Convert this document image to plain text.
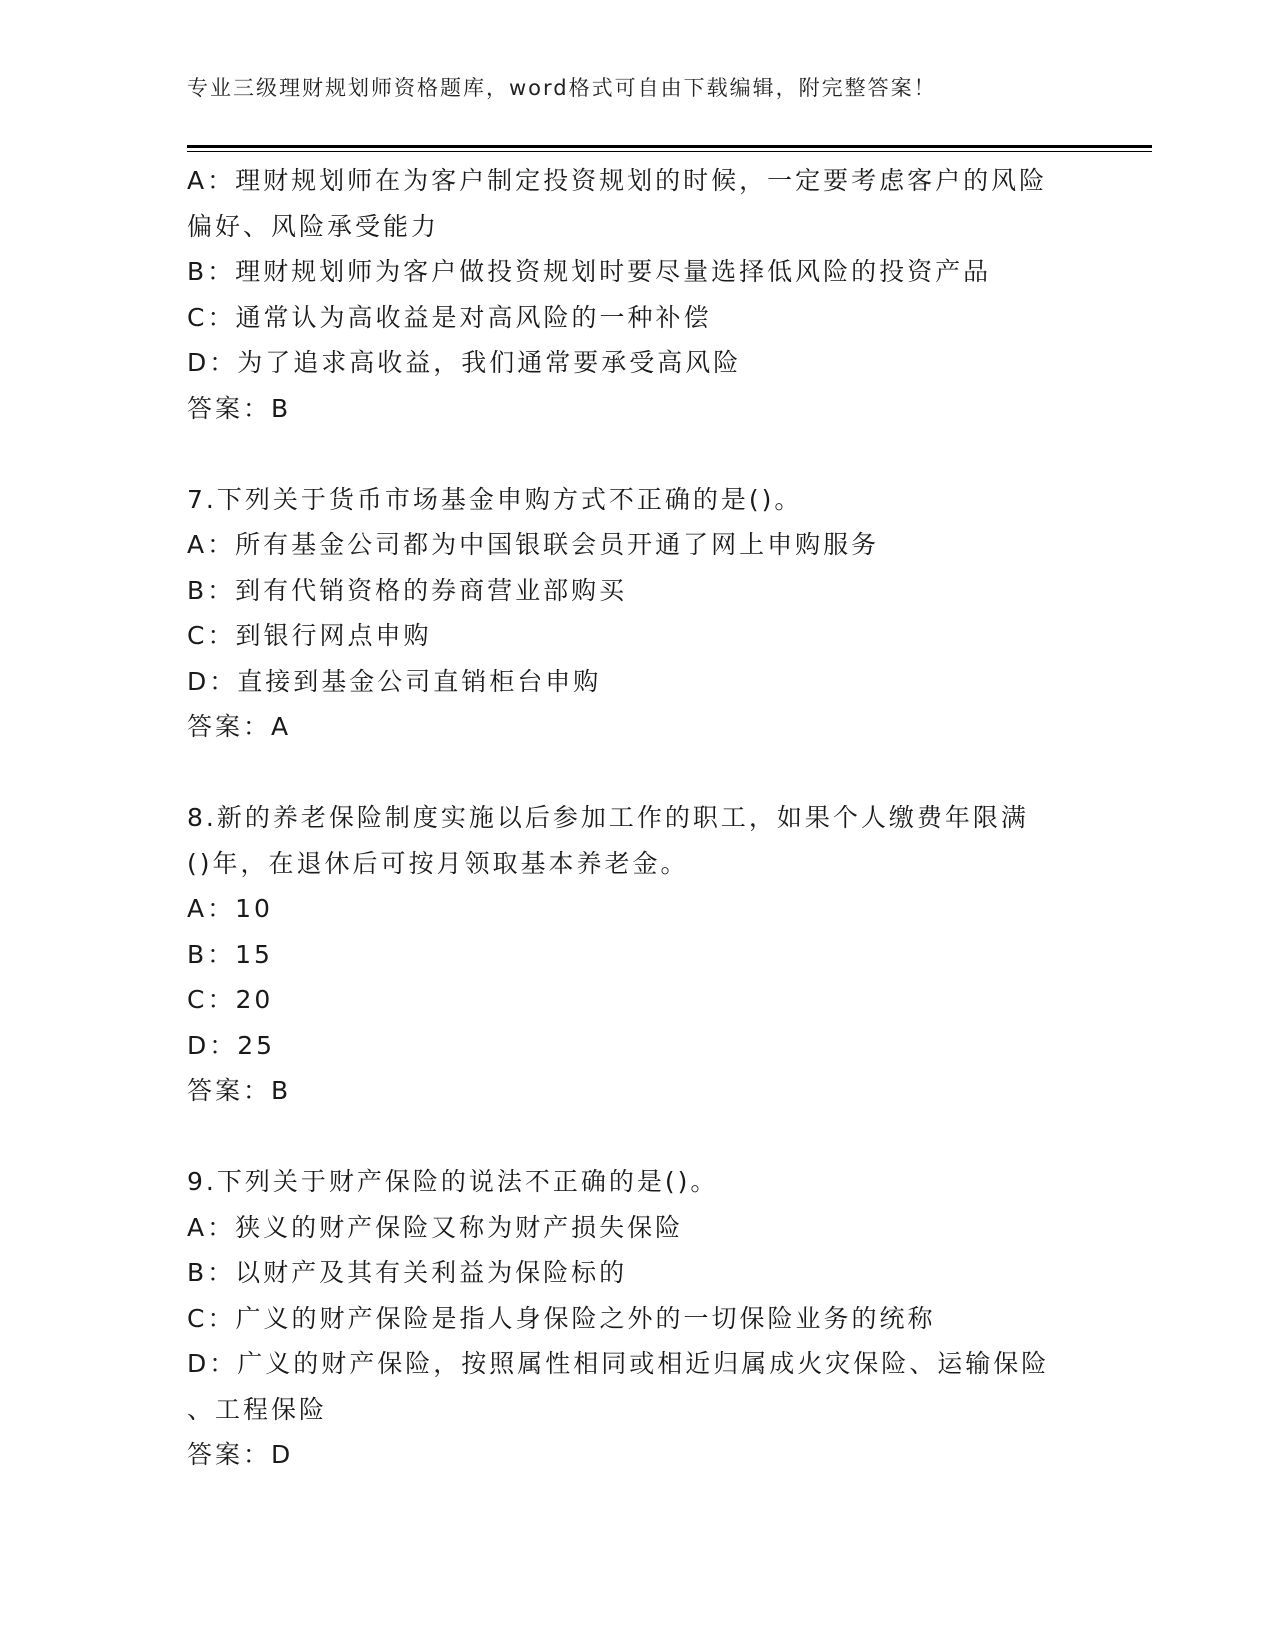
专业三级理财规划师资格题库，word格式可自由下载编辑，附完整答案！
A：理财规划师在为客户制定投资规划的时候，一定要考虑客户的风险
偏好、风险承受能力
B：理财规划师为客户做投资规划时要尽量选择低风险的投资产品
C：通常认为高收益是对高风险的一种补偿
D：为了追求高收益，我们通常要承受高风险
答案：B
7.下列关于货币市场基金申购方式不正确的是()。
A：所有基金公司都为中国银联会员开通了网上申购服务
B：到有代销资格的券商营业部购买
C：到银行网点申购
D：直接到基金公司直销柜台申购
答案：A
8.新的养老保险制度实施以后参加工作的职工，如果个人缴费年限满
()年，在退休后可按月领取基本养老金。
A：10
B：15
C：20
D：25
答案：B
9.下列关于财产保险的说法不正确的是()。
A：狭义的财产保险又称为财产损失保险
B：以财产及其有关利益为保险标的
C：广义的财产保险是指人身保险之外的一切保险业务的统称
D：广义的财产保险，按照属性相同或相近归属成火灾保险、运输保险
、工程保险
答案：D
